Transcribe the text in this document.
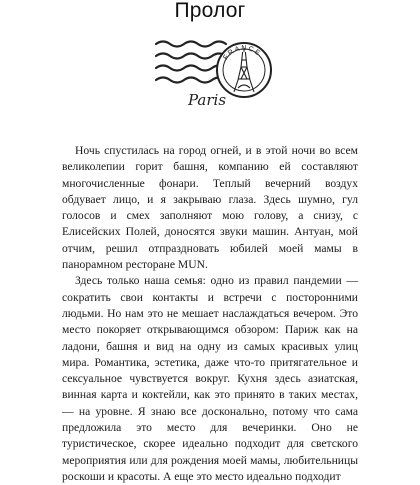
Пролог
FRANCE
Paris

Ночь спустилась на город огней, и в этой ночи во всем великолепии горит башня, компанию ей составляют многочисленные фонари. Теплый вечерний воздух обдувает лицо, и я закрываю глаза. Здесь шумно, гул голосов и смех заполняют мою голову, а снизу, с Елисейских Полей, доносятся звуки машин. Антуан, мой отчим, решил отпраздновать юбилей моей мамы в панорамном ресторане MUN.

Здесь только наша семья: одно из правил пандемии — сократить свои контакты и встречи с посторонними людьми. Но нам это не мешает наслаждаться вечером. Это место покоряет открывающимся обзором: Париж как на ладони, башня и вид на одну из самых красивых улиц мира. Романтика, эстетика, даже что-то притягательное и сексуальное чувствуется вокруг. Кухня здесь азиатская, винная карта и коктейли, как это принято в таких местах, — на уровне. Я знаю все досконально, потому что сама предложила это место для вечеринки. Оно не туристическое, скорее идеально подходит для светского мероприятия или для рождения моей мамы, любительницы роскоши и красоты. А еще это место идеально подходит
